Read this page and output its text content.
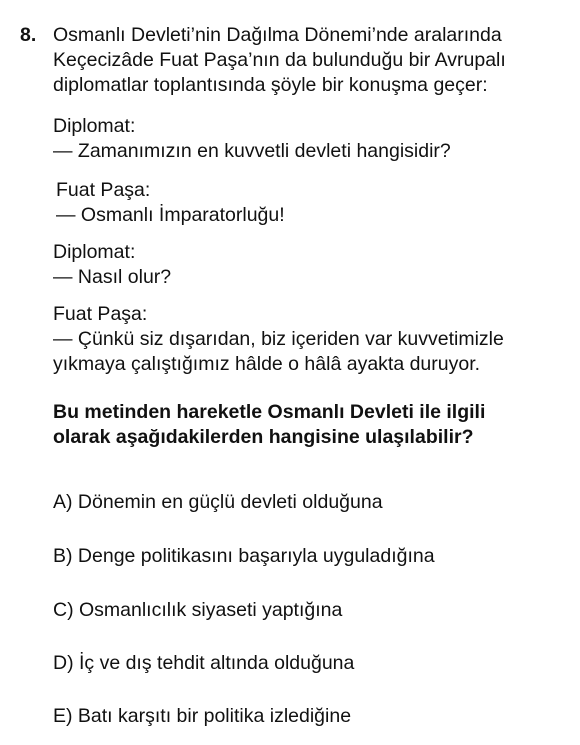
8. Osmanlı Devleti’nin Dağılma Dönemi’nde aralarında
Keçecizâde Fuat Paşa’nın da bulunduğu bir Avrupalı
diplomatlar toplantısında şöyle bir konuşma geçer:
Diplomat:
— Zamanımızın en kuvvetli devleti hangisidir?
Fuat Paşa:
— Osmanlı İmparatorluğu!
Diplomat:
— Nasıl olur?
Fuat Paşa:
— Çünkü siz dışarıdan, biz içeriden var kuvvetimizle
yıkmaya çalıştığımız hâlde o hâlâ ayakta duruyor.
Bu metinden hareketle Osmanlı Devleti ile ilgili
olarak aşağıdakilerden hangisine ulaşılabilir?
A) Dönemin en güçlü devleti olduğuna
B) Denge politikasını başarıyla uyguladığına
C) Osmanlıcılık siyaseti yaptığına
D) İç ve dış tehdit altında olduğuna
E) Batı karşıtı bir politika izlediğine
